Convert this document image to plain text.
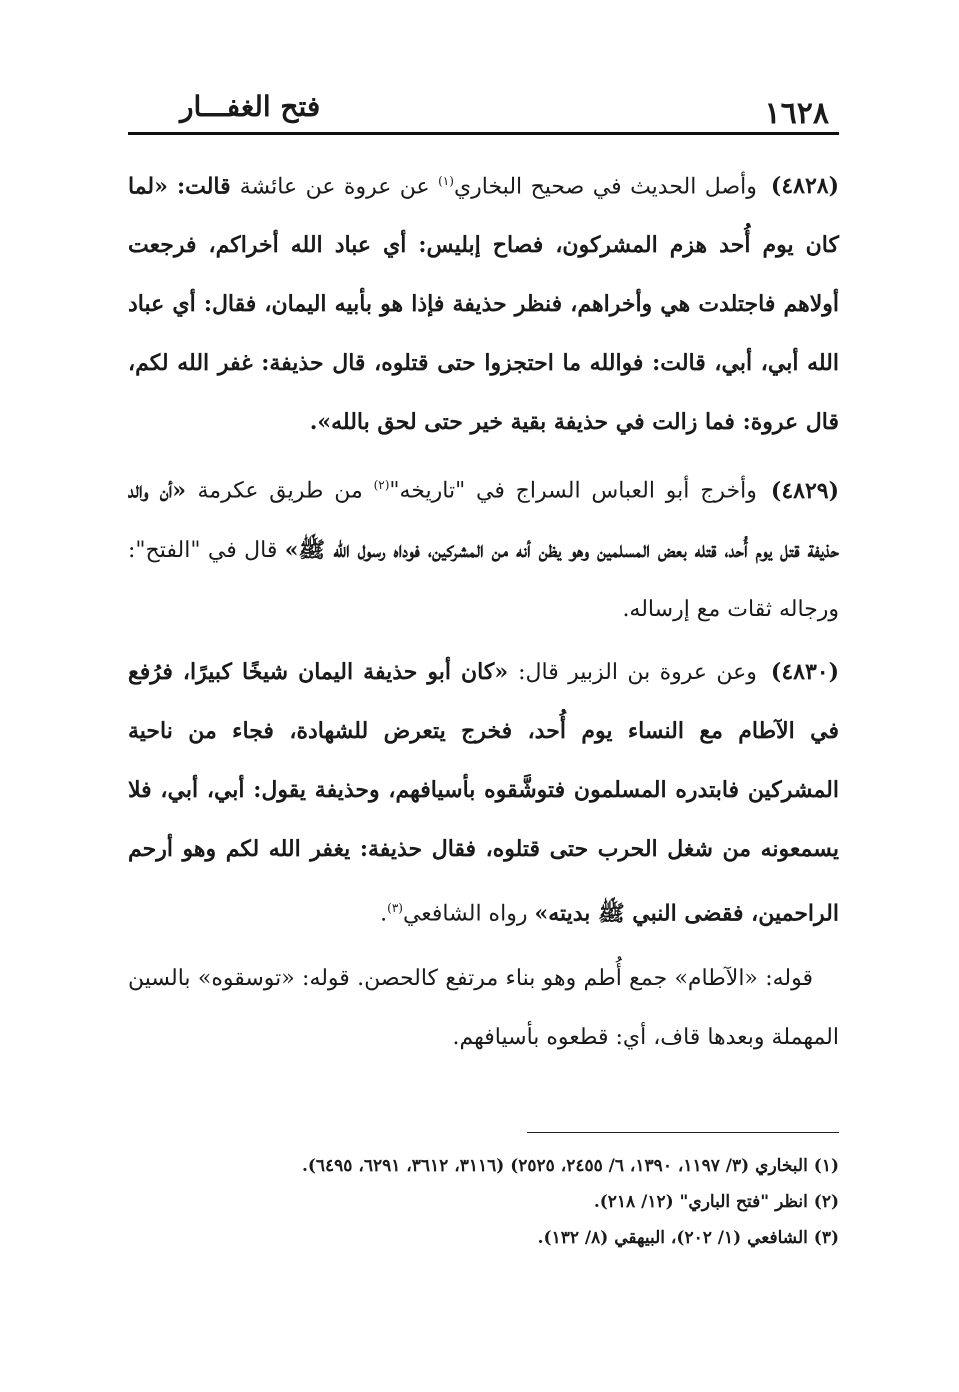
١٦٢٨
فتح الغفـــار

(٤٨٢٨)وأصل الحديث في صحيح البخاري$^{(١)}$ عن عروة عن عائشة قالت: «لما كان يوم أُحد هزم المشركون، فصاح إبليس: أي عباد الله أخراكم، فرجعت أولاهم فاجتلدت هي وأخراهم، فنظر حذيفة فإذا هو بأبيه اليمان، فقال: أي عباد الله أبي، أبي، قالت: فوالله ما احتجزوا حتى قتلوه، قال حذيفة: غفر الله لكم، قال عروة: فما زالت في حذيفة بقية خير حتى لحق بالله».

(٤٨٢٩)وأخرج أبو العباس السراج في "تاريخه"$^{(٢)}$ من طريق عكرمة «أن والد حذيفة قتل يوم أُحد، قتله بعض المسلمين وهو يظن أنه من المشركين، فوداه رسول الله ﷺ» قال في "الفتح": ورجاله ثقات مع إرساله.

(٤٨٣٠)وعن عروة بن الزبير قال: «كان أبو حذيفة اليمان شيخًا كبيرًا، فرُفع في الآطام مع النساء يوم أُحد، فخرج يتعرض للشهادة، فجاء من ناحية المشركين فابتدره المسلمون فتوشَّقوه بأسيافهم، وحذيفة يقول: أبي، أبي، فلا يسمعونه من شغل الحرب حتى قتلوه، فقال حذيفة: يغفر الله لكم وهو أرحم الراحمين، فقضى النبي ﷺ بديته» رواه الشافعي$^{(٣)}$.

قوله: «الآطام» جمع أُطم وهو بناء مرتفع كالحصن. قوله: «توسقوه» بالسين المهملة وبعدها قاف، أي: قطعوه بأسيافهم.

(١) البخاري (٣/ ١١٩٧، ١٣٩٠، ٦/ ٢٤٥٥، ٢٥٢٥) (٣١١٦، ٣٦١٢، ٦٢٩١، ٦٤٩٥).
(٢) انظر "فتح الباري" (١٢/ ٢١٨).
(٣) الشافعي (١/ ٢٠٢)، البيهقي (٨/ ١٣٢).
